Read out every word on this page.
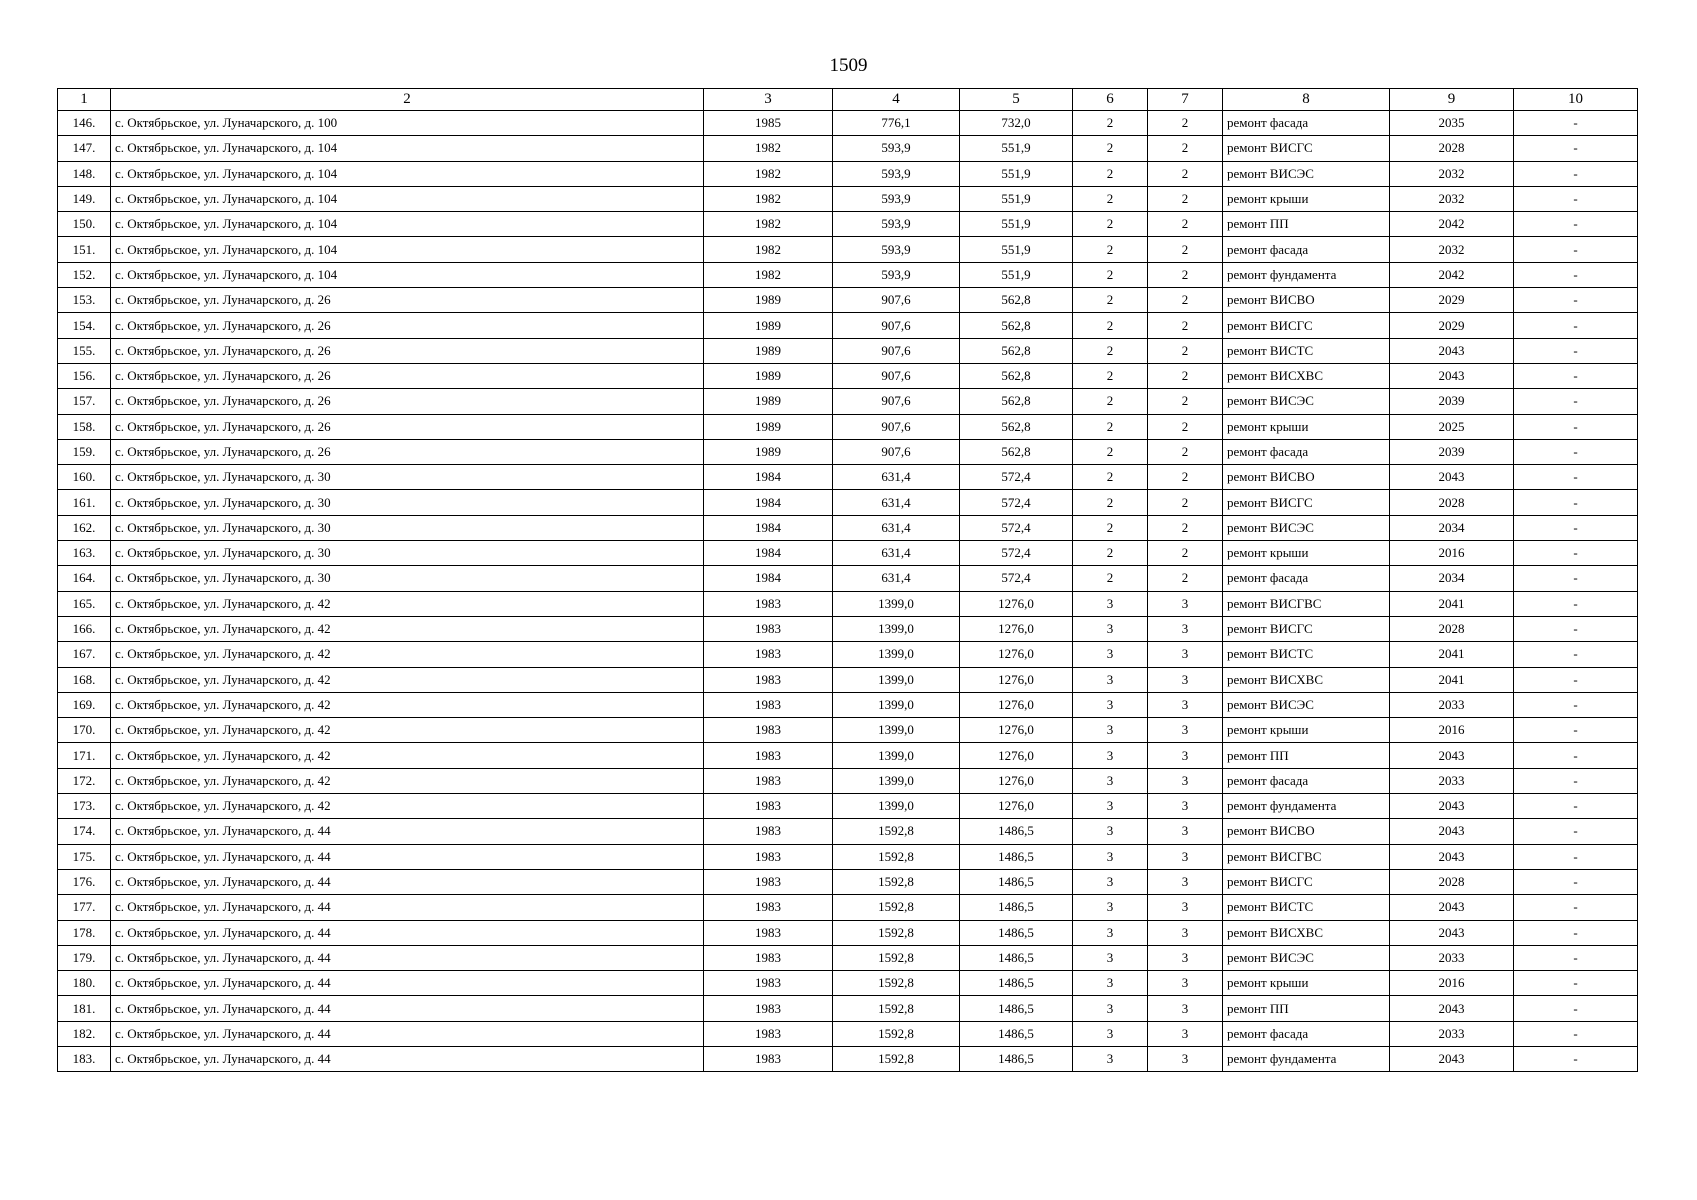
1509
1	2	3	4	5	6	7	8	9	10
146.	с. Октябрьское, ул. Луначарского, д. 100	1985	776,1	732,0	2	2	ремонт фасада	2035	-
147.	с. Октябрьское, ул. Луначарского, д. 104	1982	593,9	551,9	2	2	ремонт ВИСГС	2028	-
148.	с. Октябрьское, ул. Луначарского, д. 104	1982	593,9	551,9	2	2	ремонт ВИСЭС	2032	-
149.	с. Октябрьское, ул. Луначарского, д. 104	1982	593,9	551,9	2	2	ремонт крыши	2032	-
150.	с. Октябрьское, ул. Луначарского, д. 104	1982	593,9	551,9	2	2	ремонт ПП	2042	-
151.	с. Октябрьское, ул. Луначарского, д. 104	1982	593,9	551,9	2	2	ремонт фасада	2032	-
152.	с. Октябрьское, ул. Луначарского, д. 104	1982	593,9	551,9	2	2	ремонт фундамента	2042	-
153.	с. Октябрьское, ул. Луначарского, д. 26	1989	907,6	562,8	2	2	ремонт ВИСВО	2029	-
154.	с. Октябрьское, ул. Луначарского, д. 26	1989	907,6	562,8	2	2	ремонт ВИСГС	2029	-
155.	с. Октябрьское, ул. Луначарского, д. 26	1989	907,6	562,8	2	2	ремонт ВИСТС	2043	-
156.	с. Октябрьское, ул. Луначарского, д. 26	1989	907,6	562,8	2	2	ремонт ВИСХВС	2043	-
157.	с. Октябрьское, ул. Луначарского, д. 26	1989	907,6	562,8	2	2	ремонт ВИСЭС	2039	-
158.	с. Октябрьское, ул. Луначарского, д. 26	1989	907,6	562,8	2	2	ремонт крыши	2025	-
159.	с. Октябрьское, ул. Луначарского, д. 26	1989	907,6	562,8	2	2	ремонт фасада	2039	-
160.	с. Октябрьское, ул. Луначарского, д. 30	1984	631,4	572,4	2	2	ремонт ВИСВО	2043	-
161.	с. Октябрьское, ул. Луначарского, д. 30	1984	631,4	572,4	2	2	ремонт ВИСГС	2028	-
162.	с. Октябрьское, ул. Луначарского, д. 30	1984	631,4	572,4	2	2	ремонт ВИСЭС	2034	-
163.	с. Октябрьское, ул. Луначарского, д. 30	1984	631,4	572,4	2	2	ремонт крыши	2016	-
164.	с. Октябрьское, ул. Луначарского, д. 30	1984	631,4	572,4	2	2	ремонт фасада	2034	-
165.	с. Октябрьское, ул. Луначарского, д. 42	1983	1399,0	1276,0	3	3	ремонт ВИСГВС	2041	-
166.	с. Октябрьское, ул. Луначарского, д. 42	1983	1399,0	1276,0	3	3	ремонт ВИСГС	2028	-
167.	с. Октябрьское, ул. Луначарского, д. 42	1983	1399,0	1276,0	3	3	ремонт ВИСТС	2041	-
168.	с. Октябрьское, ул. Луначарского, д. 42	1983	1399,0	1276,0	3	3	ремонт ВИСХВС	2041	-
169.	с. Октябрьское, ул. Луначарского, д. 42	1983	1399,0	1276,0	3	3	ремонт ВИСЭС	2033	-
170.	с. Октябрьское, ул. Луначарского, д. 42	1983	1399,0	1276,0	3	3	ремонт крыши	2016	-
171.	с. Октябрьское, ул. Луначарского, д. 42	1983	1399,0	1276,0	3	3	ремонт ПП	2043	-
172.	с. Октябрьское, ул. Луначарского, д. 42	1983	1399,0	1276,0	3	3	ремонт фасада	2033	-
173.	с. Октябрьское, ул. Луначарского, д. 42	1983	1399,0	1276,0	3	3	ремонт фундамента	2043	-
174.	с. Октябрьское, ул. Луначарского, д. 44	1983	1592,8	1486,5	3	3	ремонт ВИСВО	2043	-
175.	с. Октябрьское, ул. Луначарского, д. 44	1983	1592,8	1486,5	3	3	ремонт ВИСГВС	2043	-
176.	с. Октябрьское, ул. Луначарского, д. 44	1983	1592,8	1486,5	3	3	ремонт ВИСГС	2028	-
177.	с. Октябрьское, ул. Луначарского, д. 44	1983	1592,8	1486,5	3	3	ремонт ВИСТС	2043	-
178.	с. Октябрьское, ул. Луначарского, д. 44	1983	1592,8	1486,5	3	3	ремонт ВИСХВС	2043	-
179.	с. Октябрьское, ул. Луначарского, д. 44	1983	1592,8	1486,5	3	3	ремонт ВИСЭС	2033	-
180.	с. Октябрьское, ул. Луначарского, д. 44	1983	1592,8	1486,5	3	3	ремонт крыши	2016	-
181.	с. Октябрьское, ул. Луначарского, д. 44	1983	1592,8	1486,5	3	3	ремонт ПП	2043	-
182.	с. Октябрьское, ул. Луначарского, д. 44	1983	1592,8	1486,5	3	3	ремонт фасада	2033	-
183.	с. Октябрьское, ул. Луначарского, д. 44	1983	1592,8	1486,5	3	3	ремонт фундамента	2043	-
